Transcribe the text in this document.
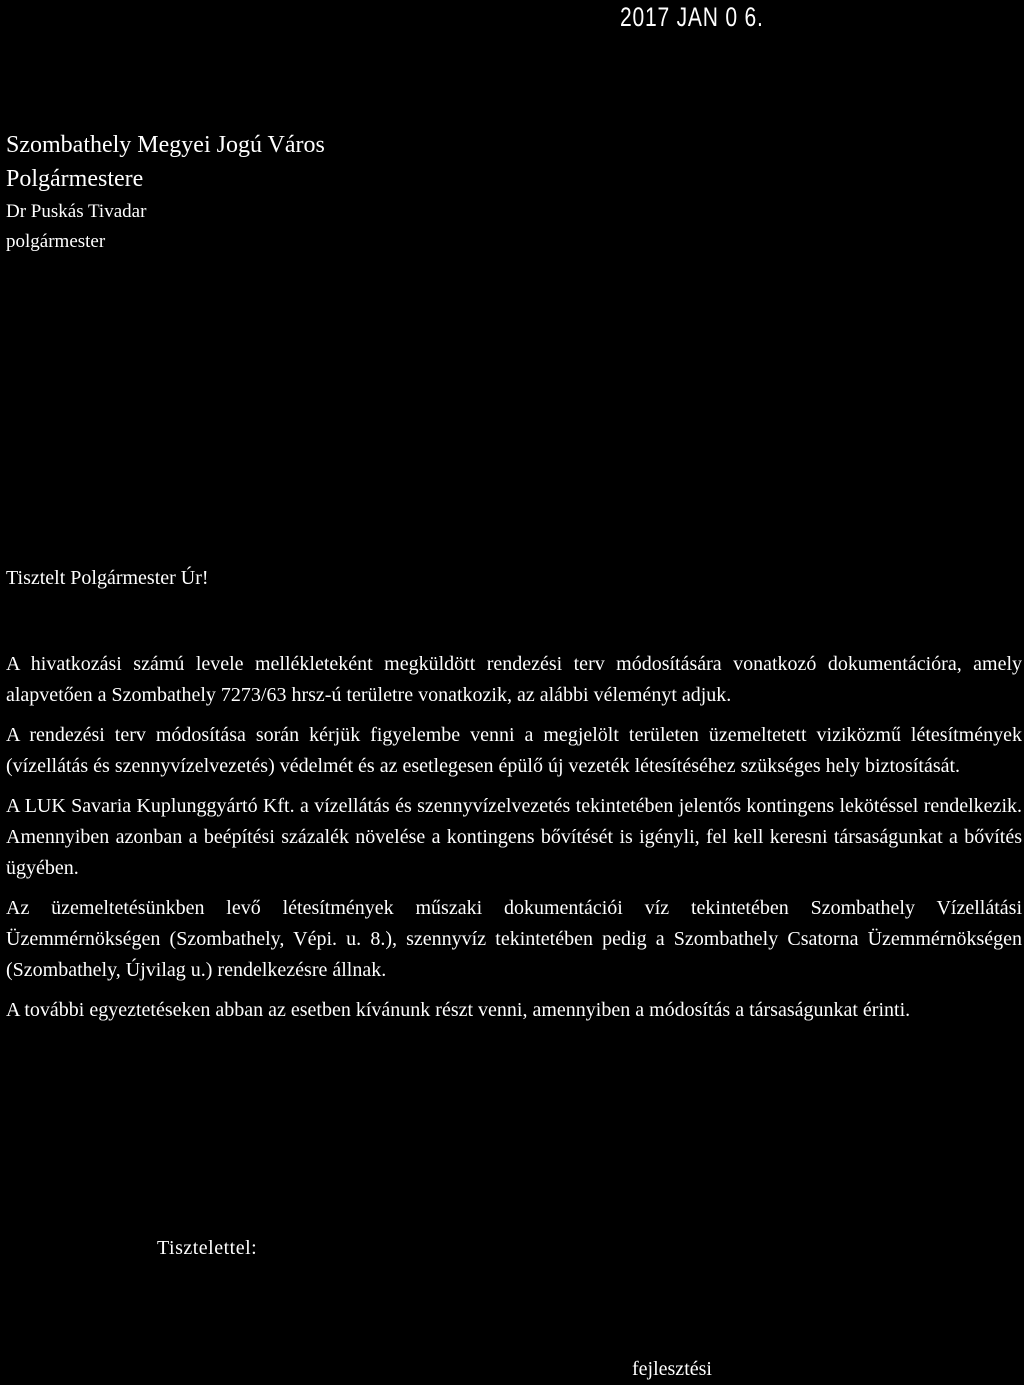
2017 JAN 0 6.
Szombathely Megyei Jogú Város
Polgármestere
Dr Puskás Tivadar
polgármester
Tisztelt Polgármester Úr!

A hivatkozási számú levele mellékleteként megküldött rendezési terv módosítására vonatkozó dokumentációra, amely alapvetően a Szombathely 7273/63 hrsz-ú területre vonatkozik, az alábbi véleményt adjuk.

A rendezési terv módosítása során kérjük figyelembe venni a megjelölt területen üzemeltetett viziközmű létesítmények (vízellátás és szennyvízelvezetés) védelmét és az esetlegesen épülő új vezeték létesítéséhez szükséges hely biztosítását.

A LUK Savaria Kuplunggyártó Kft. a vízellátás és szennyvízelvezetés tekintetében jelentős kontingens lekötéssel rendelkezik. Amennyiben azonban a beépítési százalék növelése a kontingens bővítését is igényli, fel kell keresni társaságunkat a bővítés ügyében.

Az üzemeltetésünkben levő létesítmények műszaki dokumentációi víz tekintetében Szombathely Vízellátási Üzemmérnökségen (Szombathely, Vépi. u. 8.), szennyvíz tekintetében pedig a Szombathely Csatorna Üzemmérnökségen (Szombathely, Újvilag u.) rendelkezésre állnak.

A további egyeztetéseken abban az esetben kívánunk részt venni, amennyiben a módosítás a társaságunkat érinti.

Tisztelettel:
fejlesztési
